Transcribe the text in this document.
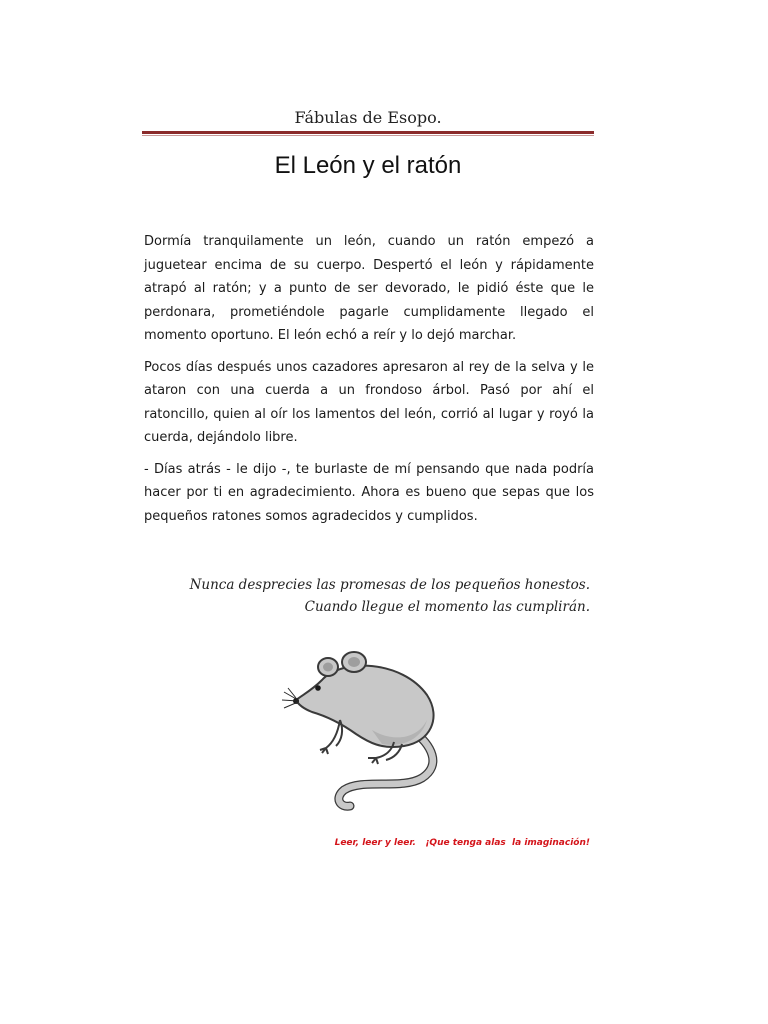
Fábulas de Esopo.
El León y el ratón

Dormía tranquilamente un león, cuando un ratón empezó a juguetear encima de su cuerpo. Despertó el león y rápidamente atrapó al ratón; y a punto de ser devorado, le pidió éste que le perdonara, prometiéndole pagarle cumplidamente llegado el momento oportuno. El león echó a reír y lo dejó marchar.

Pocos días después unos cazadores apresaron al rey de la selva y le ataron con una cuerda a un frondoso árbol. Pasó por ahí el ratoncillo, quien al oír los lamentos del león, corrió al lugar y royó la cuerda, dejándolo libre.

- Días atrás - le dijo -, te burlaste de mí pensando que nada podría hacer por ti en agradecimiento. Ahora es bueno que sepas que los pequeños ratones somos agradecidos y cumplidos.

Nunca desprecies las promesas de los pequeños honestos. Cuando llegue el momento las cumplirán.
Leer, leer y leer.   ¡Que tenga alas  la imaginación!
